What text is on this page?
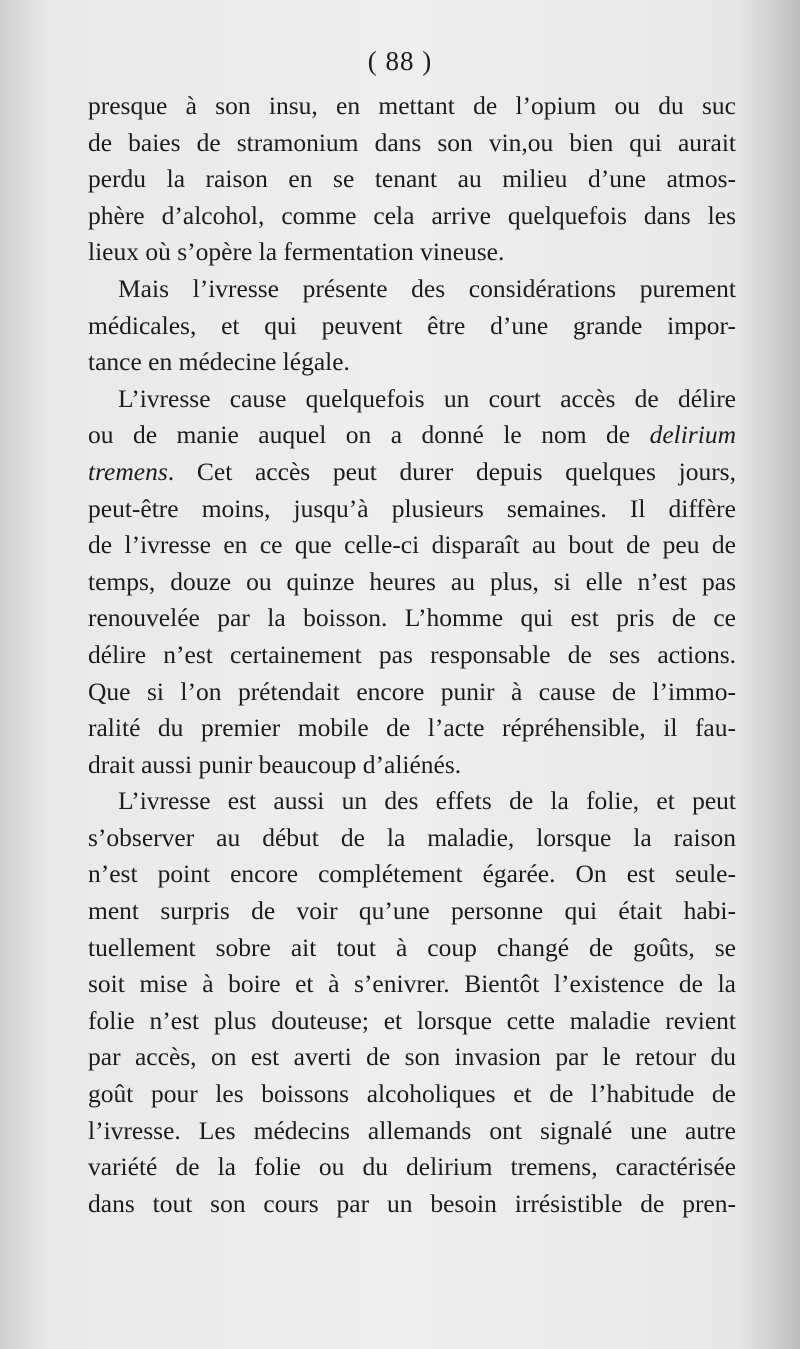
( 88 )
presque à son insu, en mettant de l’opium ou du suc
de baies de stramonium dans son vin,ou bien qui aurait
perdu la raison en se tenant au milieu d’une atmos-
phère d’alcohol, comme cela arrive quelquefois dans les
lieux où s’opère la fermentation vineuse.
Mais l’ivresse présente des considérations purement
médicales, et qui peuvent être d’une grande impor-
tance en médecine légale.
L’ivresse cause quelquefois un court accès de délire
ou de manie auquel on a donné le nom de delirium
tremens. Cet accès peut durer depuis quelques jours,
peut-être moins, jusqu’à plusieurs semaines. Il diffère
de l’ivresse en ce que celle-ci disparaît au bout de peu de
temps, douze ou quinze heures au plus, si elle n’est pas
renouvelée par la boisson. L’homme qui est pris de ce
délire n’est certainement pas responsable de ses actions.
Que si l’on prétendait encore punir à cause de l’immo-
ralité du premier mobile de l’acte répréhensible, il fau-
drait aussi punir beaucoup d’aliénés.
L’ivresse est aussi un des effets de la folie, et peut
s’observer au début de la maladie, lorsque la raison
n’est point encore complétement égarée. On est seule-
ment surpris de voir qu’une personne qui était habi-
tuellement sobre ait tout à coup changé de goûts, se
soit mise à boire et à s’enivrer. Bientôt l’existence de la
folie n’est plus douteuse; et lorsque cette maladie revient
par accès, on est averti de son invasion par le retour du
goût pour les boissons alcoholiques et de l’habitude de
l’ivresse. Les médecins allemands ont signalé une autre
variété de la folie ou du delirium tremens, caractérisée
dans tout son cours par un besoin irrésistible de pren-
